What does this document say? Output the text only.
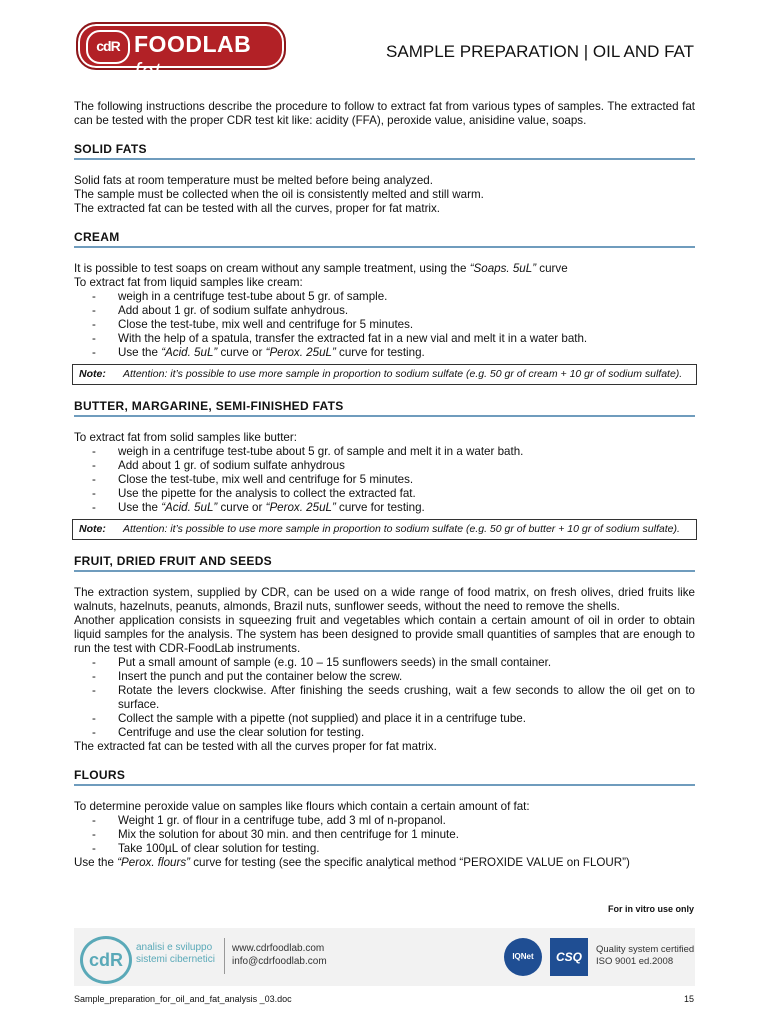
cdR FOODLAB fat
SAMPLE PREPARATION | OIL AND FAT

The following instructions describe the procedure to follow to extract fat from various types of samples. The extracted fat can be tested with the proper CDR test kit like: acidity (FFA), peroxide value, anisidine value, soaps.

SOLID FATS

Solid fats at room temperature must be melted before being analyzed.

The sample must be collected when the oil is consistently melted and still warm.

The extracted fat can be tested with all the curves, proper for fat matrix.

CREAM

It is possible to test soaps on cream without any sample treatment, using the “Soaps. 5uL” curve

To extract fat from liquid samples like cream:

- weigh in a centrifuge test-tube about 5 gr. of sample.
- Add about 1 gr. of sodium sulfate anhydrous.
- Close the test-tube, mix well and centrifuge for 5 minutes.
- With the help of a spatula, transfer the extracted fat in a new vial and melt it in a water bath.
- Use the “Acid. 5uL” curve or “Perox. 25uL” curve for testing.
Note:	Attention: it’s possible to use more sample in proportion to sodium sulfate (e.g. 50 gr of cream + 10 gr of sodium sulfate).
BUTTER, MARGARINE, SEMI-FINISHED FATS

To extract fat from solid samples like butter:

- weigh in a centrifuge test-tube about 5 gr. of sample and melt it in a water bath.
- Add about 1 gr. of sodium sulfate anhydrous
- Close the test-tube, mix well and centrifuge for 5 minutes.
- Use the pipette for the analysis to collect the extracted fat.
- Use the “Acid. 5uL” curve or “Perox. 25uL” curve for testing.
Note:	Attention: it’s possible to use more sample in proportion to sodium sulfate (e.g. 50 gr of butter + 10 gr of sodium sulfate).
FRUIT, DRIED FRUIT AND SEEDS

The extraction system, supplied by CDR, can be used on a wide range of food matrix, on fresh olives, dried fruits like walnuts, hazelnuts, peanuts, almonds, Brazil nuts, sunflower seeds, without the need to remove the shells.

Another application consists in squeezing fruit and vegetables which contain a certain amount of oil in order to obtain liquid samples for the analysis. The system has been designed to provide small quantities of samples that are enough to run the test with CDR-FoodLab instruments.

- Put a small amount of sample (e.g. 10 – 15 sunflowers seeds) in the small container.
- Insert the punch and put the container below the screw.
- Rotate the levers clockwise. After finishing the seeds crushing, wait a few seconds to allow the oil get on to surface.
- Collect the sample with a pipette (not supplied) and place it in a centrifuge tube.
- Centrifuge and use the clear solution for testing.

The extracted fat can be tested with all the curves proper for fat matrix.

FLOURS

To determine peroxide value on samples like flours which contain a certain amount of fat:

- Weight 1 gr. of flour in a centrifuge tube, add 3 ml of n-propanol.
- Mix the solution for about 30 min. and then centrifuge for 1 minute.
- Take 100µL of clear solution for testing.

Use the “Perox. flours” curve for testing (see the specific analytical method “PEROXIDE VALUE on FLOUR”)

For in vitro use only
cdR
analisi e sviluppo
sistemi cibernetici
www.cdrfoodlab.com
info@cdrfoodlab.com	IQNet	CSQ
Quality system certified
ISO 9001 ed.2008
Sample_preparation_for_oil_and_fat_analysis _03.doc	15
